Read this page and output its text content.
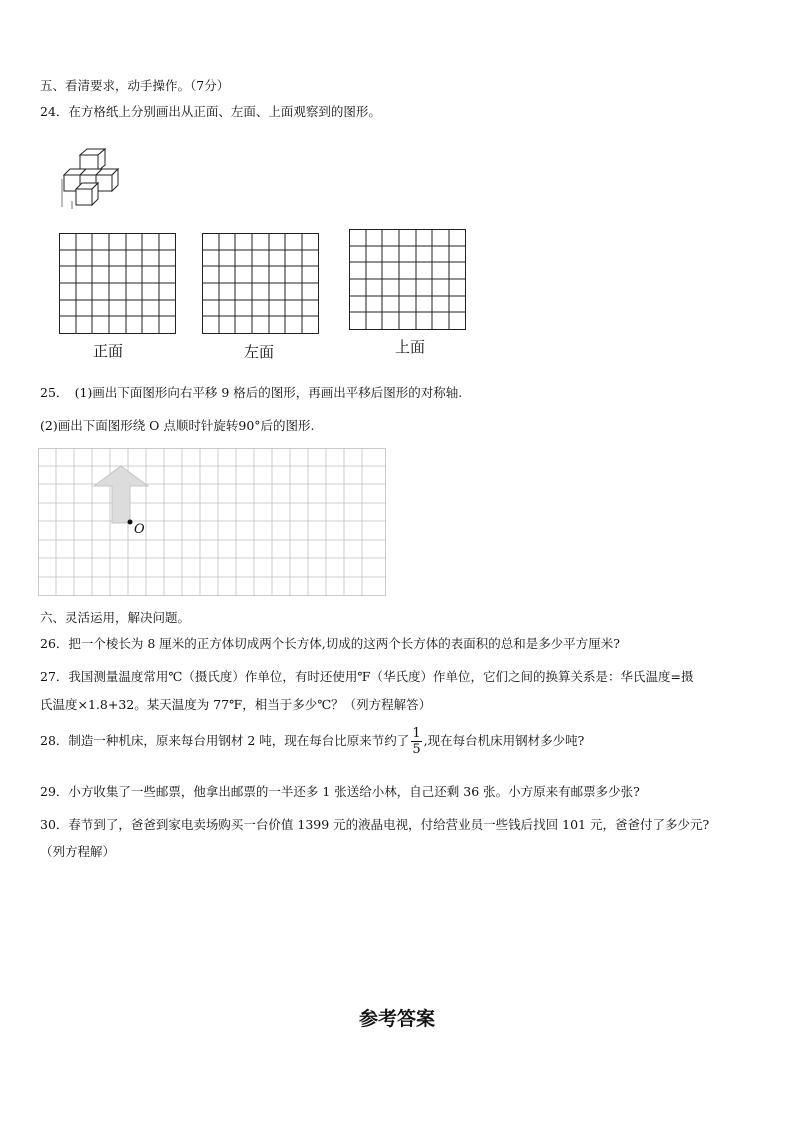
五、看清要求，动手操作。（7分）
24．在方格纸上分别画出从正面、左面、上面观察到的图形。
正面	左面	上面
25．　(1)画出下面图形向右平移 9 格后的图形，再画出平移后图形的对称轴.
(2)画出下面图形绕 O 点顺时针旋转90°后的图形.
O
六、灵活运用，解决问题。
26．把一个棱长为 8 厘米的正方体切成两个长方体,切成的这两个长方体的表面积的总和是多少平方厘米?
27．我国测量温度常用℃（摄氏度）作单位，有时还使用℉（华氏度）作单位，它们之间的换算关系是：华氏温度=摄
氏温度×1.8+32。某天温度为 77℉，相当于多少℃？（列方程解答）
28．制造一种机床，原来每台用钢材 2 吨，现在每台比原来节约了 $\frac{1}{5}$ ,现在每台机床用钢材多少吨?
29．小方收集了一些邮票，他拿出邮票的一半还多 1 张送给小林，自己还剩 36 张。小方原来有邮票多少张?
30．春节到了，爸爸到家电卖场购买一台价值 1399 元的液晶电视，付给营业员一些钱后找回 101 元，爸爸付了多少元?
（列方程解）
参考答案
